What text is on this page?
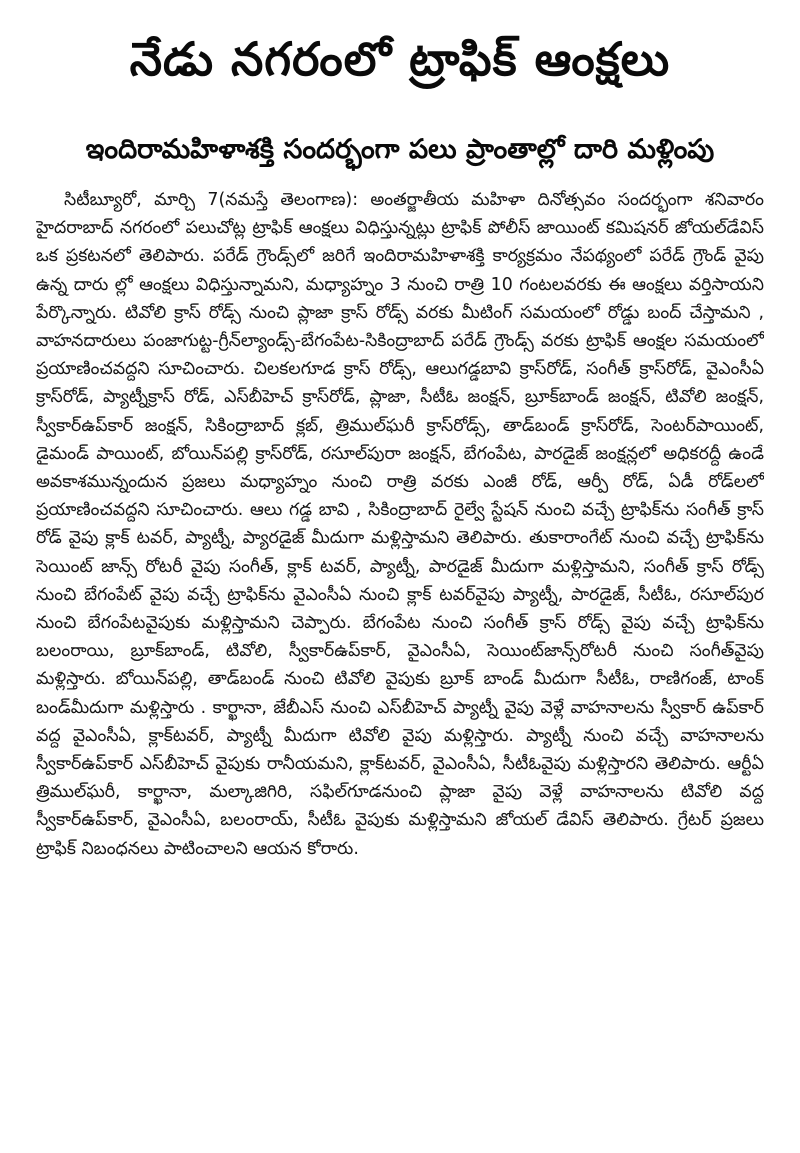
నేడు నగరంలో ట్రాఫిక్ ఆంక్షలు
ఇందిరామహిళాశక్తి సందర్భంగా పలు ప్రాంతాల్లో దారి మళ్లింపు

సిటీబ్యూరో, మార్చి 7(నమస్తే తెలంగాణ): అంతర్జాతీయ మహిళా దినోత్సవం సందర్భంగా శనివారం హైదరాబాద్ నగరంలో పలుచోట్ల ట్రాఫిక్ ఆంక్షలు విధిస్తున్నట్లు ట్రాఫిక్ పోలీస్ జాయింట్ కమిషనర్ జోయల్‌డేవిస్ ఒక ప్రకటనలో తెలిపారు. పరేడ్ గ్రౌండ్స్‌లో జరిగే ఇందిరామహిళాశక్తి కార్యక్రమం నేపథ్యంలో పరేడ్ గ్రౌండ్ వైపు ఉన్న దారు ల్లో ఆంక్షలు విధిస్తున్నామని, మధ్యాహ్నం 3 నుంచి రాత్రి 10 గంటలవరకు ఈ ఆంక్షలు వర్తిసాయని పేర్కొన్నారు. టివోలి క్రాస్ రోడ్స్ నుంచి ప్లాజా క్రాస్ రోడ్స్ వరకు మీటింగ్ సమయంలో రోడ్డు బంద్ చేస్తామని , వాహనదారులు పంజాగుట్ట-గ్రీన్‌ల్యాండ్స్-బేగంపేట-సికింద్రాబాద్ పరేడ్ గ్రౌండ్స్ వరకు ట్రాఫిక్ ఆంక్షల సమయంలో ప్రయాణించవద్దని సూచించారు. చిలకలగూడ క్రాస్ రోడ్స్, ఆలుగడ్డబావి క్రాస్‌రోడ్, సంగీత్ క్రాస్‌రోడ్, వైఎంసీఏ క్రాస్‌రోడ్, ప్యాట్నీక్రాస్ రోడ్, ఎస్‌బీహెచ్ క్రాస్‌రోడ్, ప్లాజా, సీటీఓ జంక్షన్, బ్రూక్‌బాండ్ జంక్షన్, టివోలి జంక్షన్, స్వీకార్‌ఉప్‌కార్ జంక్షన్, సికింద్రాబాద్ క్లబ్, త్రిముల్‌ఘరీ క్రాస్‌రోడ్స్, తాడ్‌బండ్ క్రాస్‌రోడ్, సెంటర్‌పాయింట్, డైమండ్ పాయింట్, బోయిన్‌పల్లి క్రాస్‌రోడ్, రసూల్‌పురా జంక్షన్, బేగంపేట, పారడైజ్ జంక్షన్లలో అధికరద్దీ ఉండే అవకాశమున్నందున ప్రజలు మధ్యాహ్నం నుంచి రాత్రి వరకు ఎంజీ రోడ్, ఆర్పీ రోడ్, ఏడీ రోడ్‌లలో ప్రయాణించవద్దని సూచించారు. ఆలు గడ్డ బావి , సికింద్రాబాద్ రైల్వే స్టేషన్ నుంచి వచ్చే ట్రాఫిక్‌ను సంగీత్ క్రాస్ రోడ్ వైపు క్లాక్ టవర్, ప్యాట్నీ, ప్యారడైజ్ మీదుగా మళ్లిస్తామని తెలిపారు. తుకారాంగేట్ నుంచి వచ్చే ట్రాఫిక్‌ను సెయింట్ జాన్స్ రోటరీ వైపు సంగీత్, క్లాక్ టవర్, ప్యాట్నీ, పారడైజ్ మీదుగా మళ్లిస్తామని, సంగీత్ క్రాస్ రోడ్స్ నుంచి బేగంపేట్ వైపు వచ్చే ట్రాఫిక్‌ను వైఎంసీఏ నుంచి క్లాక్ టవర్‌వైపు ప్యాట్నీ, పారడైజ్, సీటీఓ, రసూల్‌పుర నుంచి బేగంపేటవైపుకు మళ్లిస్తామని చెప్పారు. బేగంపేట నుంచి సంగీత్ క్రాస్ రోడ్స్ వైపు వచ్చే ట్రాఫిక్‌ను బలంరాయి, బ్రూక్‌బాండ్, టివోలి, స్వీకార్‌ఉప్‌కార్, వైఎంసీఏ, సెయింట్‌జాన్స్‌రోటరీ నుంచి సంగీత్‌వైపు మళ్లిస్తారు. బోయిన్‌పల్లి, తాడ్‌బండ్ నుంచి టివోలి వైపుకు బ్రూక్ బాండ్ మీదుగా సీటీఓ, రాణిగంజ్, టాంక్ బండ్‌మీదుగా మళ్లిస్తారు . కార్ఖానా, జేబీఎస్ నుంచి ఎస్‌బీహెచ్ ప్యాట్నీ వైపు వెళ్లే వాహనాలను స్వీకార్ ఉప్‌కార్ వద్ద వైఎంసీఏ, క్లాక్‌టవర్, ప్యాట్నీ మీదుగా టివోలి వైపు మళ్లిస్తారు. ప్యాట్నీ నుంచి వచ్చే వాహనాలను స్వీకార్‌ఉప్‌కార్ ఎస్‌బీహెచ్ వైపుకు రానీయమని, క్లాక్‌టవర్, వైఎంసీఏ, సీటీఓవైపు మళ్లిస్తారని తెలిపారు. ఆర్టీఏ త్రిముల్‌ఘరీ, కార్ఖానా, మల్కాజిగిరి, సఫిల్‌గూడనుంచి ప్లాజా వైపు వెళ్లే వాహనాలను టివోలి వద్ద స్వీకార్‌ఉప్‌కార్, వైఎంసీఏ, బలంరాయ్, సీటీఓ వైపుకు మళ్లిస్తామని జోయల్ డేవిస్ తెలిపారు. గ్రేటర్ ప్రజలు ట్రాఫిక్ నిబంధనలు పాటించాలని ఆయన కోరారు.
